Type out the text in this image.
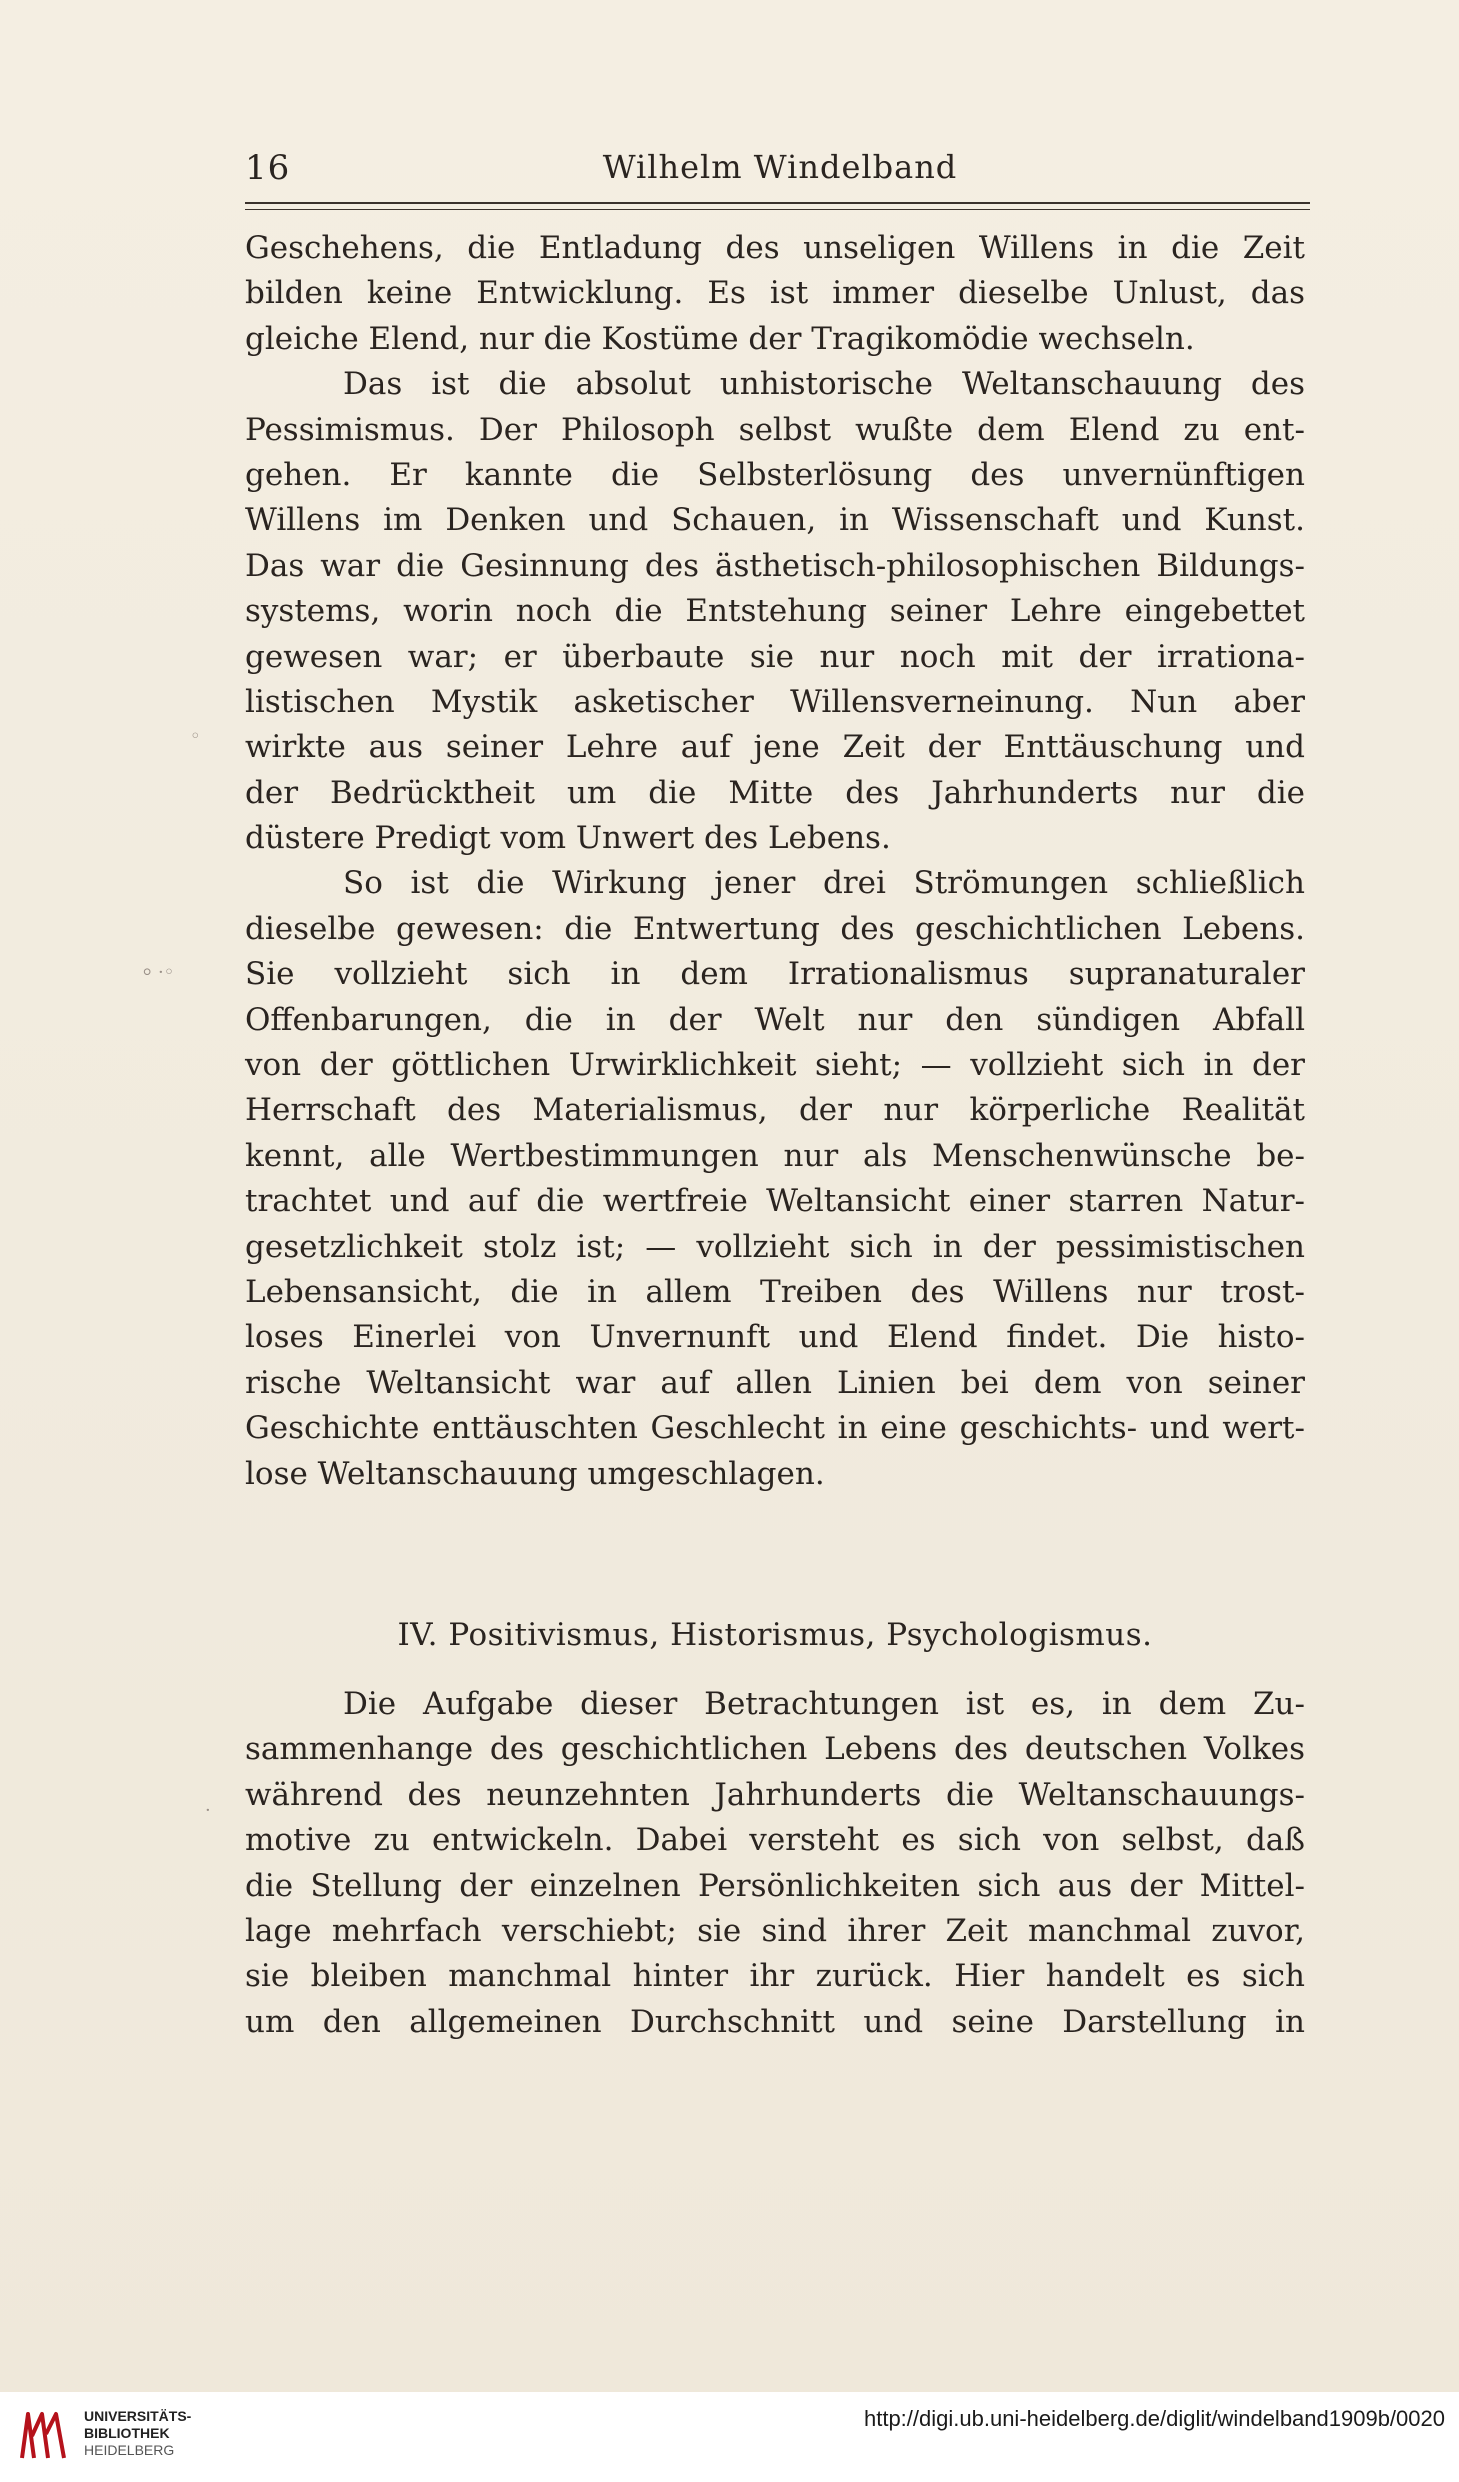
16	Wilhelm Windelband
Geschehens, die Entladung des unseligen Willens in die Zeit
bilden keine Entwicklung. Es ist immer dieselbe Unlust, das
gleiche Elend, nur die Kostüme der Tragikomödie wechseln.
Das ist die absolut unhistorische Weltanschauung des
Pessimismus. Der Philosoph selbst wußte dem Elend zu ent-
gehen. Er kannte die Selbsterlösung des unvernünftigen
Willens im Denken und Schauen, in Wissenschaft und Kunst.
Das war die Gesinnung des ästhetisch-philosophischen Bildungs-
systems, worin noch die Entstehung seiner Lehre eingebettet
gewesen war; er überbaute sie nur noch mit der irrationa-
listischen Mystik asketischer Willensverneinung. Nun aber
wirkte aus seiner Lehre auf jene Zeit der Enttäuschung und
der Bedrücktheit um die Mitte des Jahrhunderts nur die
düstere Predigt vom Unwert des Lebens.
So ist die Wirkung jener drei Strömungen schließlich
dieselbe gewesen: die Entwertung des geschichtlichen Lebens.
Sie vollzieht sich in dem Irrationalismus supranaturaler
Offenbarungen, die in der Welt nur den sündigen Abfall
von der göttlichen Urwirklichkeit sieht; — vollzieht sich in der
Herrschaft des Materialismus, der nur körperliche Realität
kennt, alle Wertbestimmungen nur als Menschenwünsche be-
trachtet und auf die wertfreie Weltansicht einer starren Natur-
gesetzlichkeit stolz ist; — vollzieht sich in der pessimistischen
Lebensansicht, die in allem Treiben des Willens nur trost-
loses Einerlei von Unvernunft und Elend findet. Die histo-
rische Weltansicht war auf allen Linien bei dem von seiner
Geschichte enttäuschten Geschlecht in eine geschichts- und wert-
lose Weltanschauung umgeschlagen.
IV. Positivismus, Historismus, Psychologismus.
Die Aufgabe dieser Betrachtungen ist es, in dem Zu-
sammenhange des geschichtlichen Lebens des deutschen Volkes
während des neunzehnten Jahrhunderts die Weltanschauungs-
motive zu entwickeln. Dabei versteht es sich von selbst, daß
die Stellung der einzelnen Persönlichkeiten sich aus der Mittel-
lage mehrfach verschiebt; sie sind ihrer Zeit manchmal zuvor,
sie bleiben manchmal hinter ihr zurück. Hier handelt es sich
um den allgemeinen Durchschnitt und seine Darstellung in
◦
⸰ ·◦
·
UNIVERSITÄTS-
BIBLIOTHEK
HEIDELBERG
http://digi.ub.uni-heidelberg.de/diglit/windelband1909b/0020
